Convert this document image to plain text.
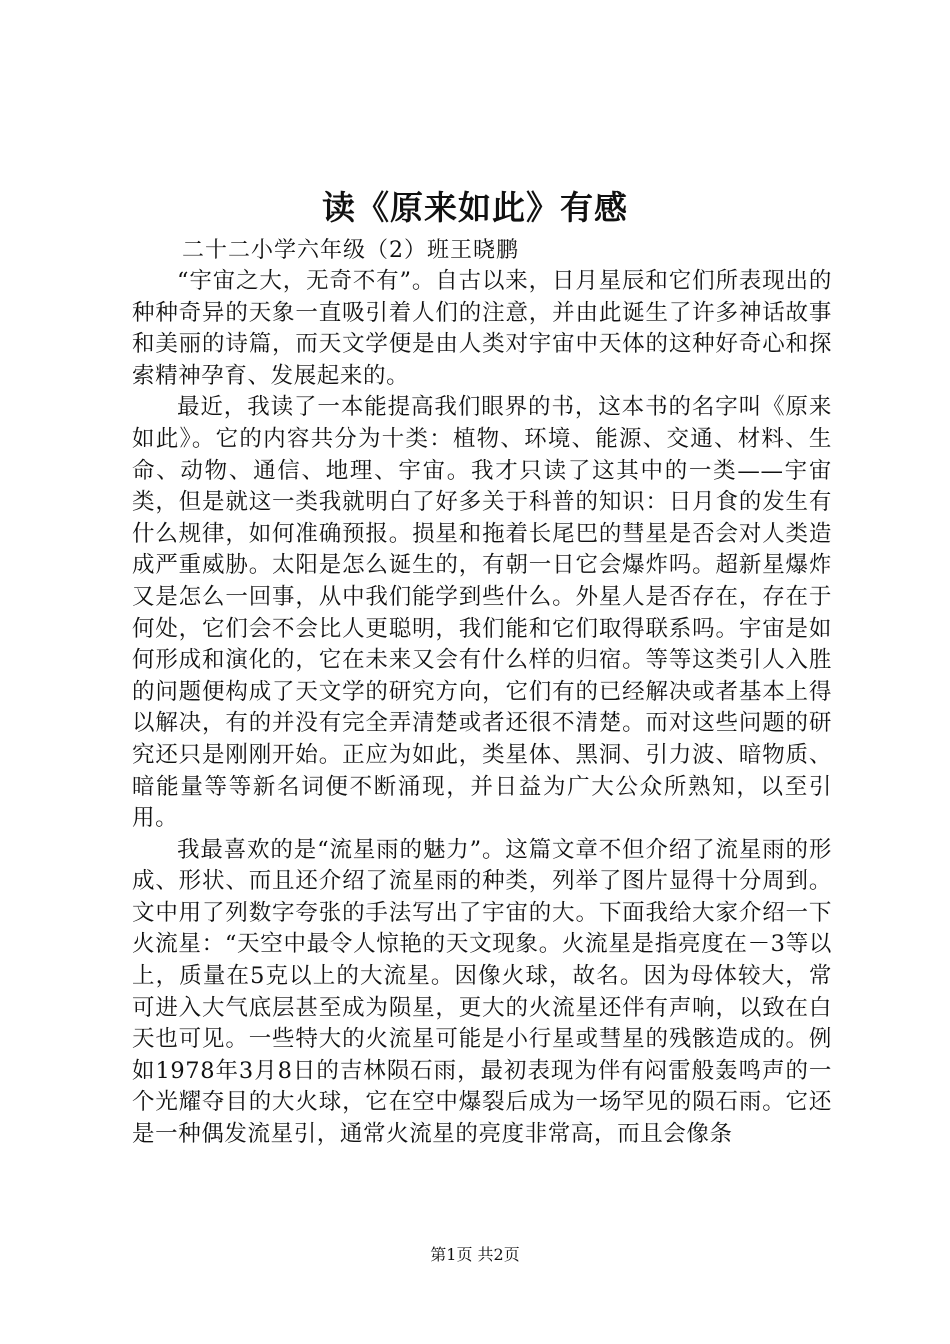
读《原来如此》有感
二十二小学六年级（2）班王晓鹏

“宇宙之大，无奇不有”。自古以来，日月星辰和它们所表现出的种种奇异的天象一直吸引着人们的注意，并由此诞生了许多神话故事和美丽的诗篇，而天文学便是由人类对宇宙中天体的这种好奇心和探索精神孕育、发展起来的。

最近，我读了一本能提高我们眼界的书，这本书的名字叫《原来如此》。它的内容共分为十类：植物、环境、能源、交通、材料、生命、动物、通信、地理、宇宙。我才只读了这其中的一类——宇宙类，但是就这一类我就明白了好多关于科普的知识：日月食的发生有什么规律，如何准确预报。损星和拖着长尾巴的彗星是否会对人类造成严重威胁。太阳是怎么诞生的，有朝一日它会爆炸吗。超新星爆炸又是怎么一回事，从中我们能学到些什么。外星人是否存在，存在于何处，它们会不会比人更聪明，我们能和它们取得联系吗。宇宙是如何形成和演化的，它在未来又会有什么样的归宿。等等这类引人入胜的问题便构成了天文学的研究方向，它们有的已经解决或者基本上得以解决，有的并没有完全弄清楚或者还很不清楚。而对这些问题的研究还只是刚刚开始。正应为如此，类星体、黑洞、引力波、暗物质、暗能量等等新名词便不断涌现，并日益为广大公众所熟知，以至引用。

我最喜欢的是“流星雨的魅力”。这篇文章不但介绍了流星雨的形成、形状、而且还介绍了流星雨的种类，列举了图片显得十分周到。文中用了列数字夸张的手法写出了宇宙的大。下面我给大家介绍一下火流星：“天空中最令人惊艳的天文现象。火流星是指亮度在－3等以上，质量在5克以上的大流星。因像火球，故名。因为母体较大，常可进入大气底层甚至成为陨星，更大的火流星还伴有声响，以致在白天也可见。一些特大的火流星可能是小行星或彗星的残骸造成的。例如1978年3月8日的吉林陨石雨，最初表现为伴有闷雷般轰鸣声的一个光耀夺目的大火球，它在空中爆裂后成为一场罕见的陨石雨。它还是一种偶发流星引，通常火流星的亮度非常高，而且会像条

第1页 共2页
